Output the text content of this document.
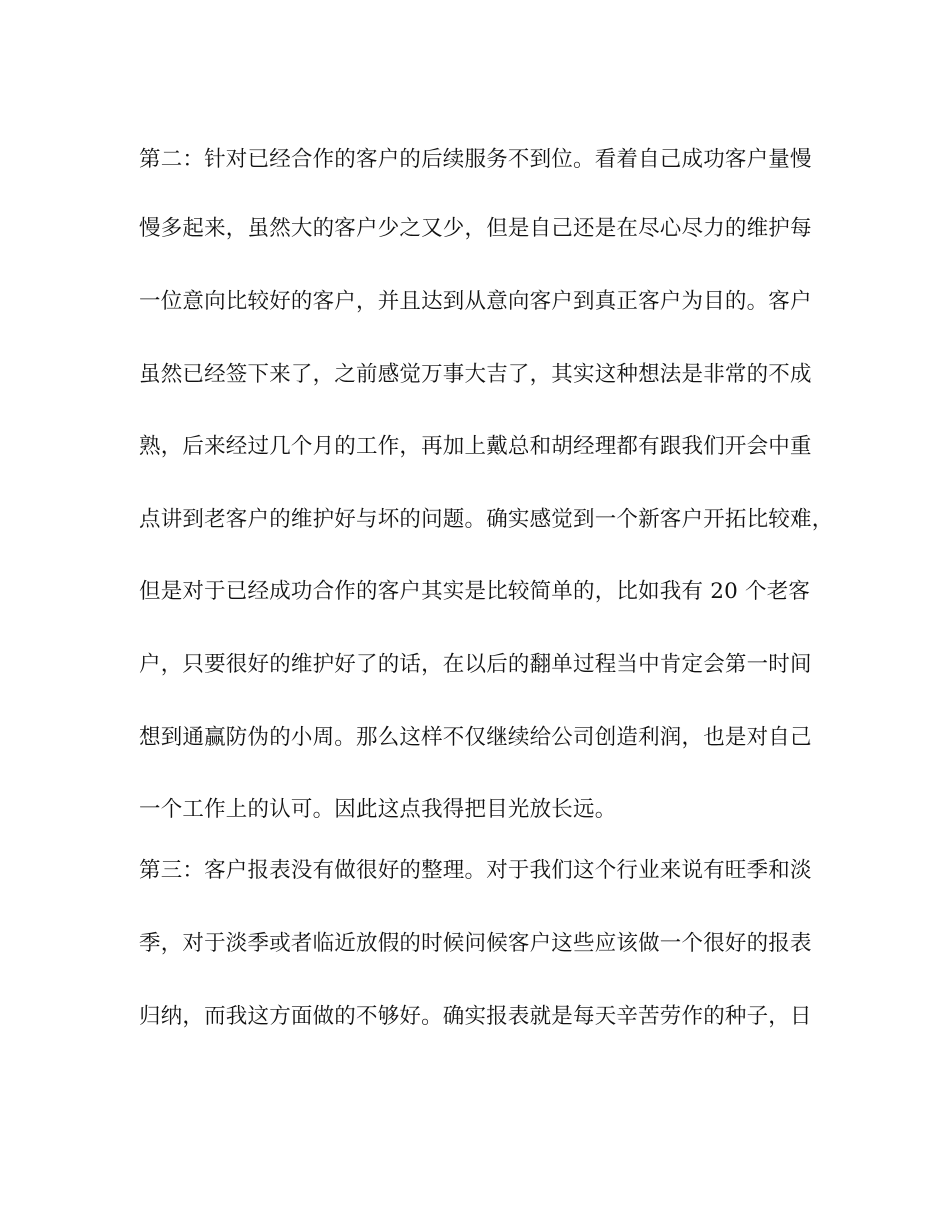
第二：针对已经合作的客户的后续服务不到位。看着自己成功客户量慢
慢多起来，虽然大的客户少之又少，但是自己还是在尽心尽力的维护每
一位意向比较好的客户，并且达到从意向客户到真正客户为目的。客户
虽然已经签下来了，之前感觉万事大吉了，其实这种想法是非常的不成
熟，后来经过几个月的工作，再加上戴总和胡经理都有跟我们开会中重
点讲到老客户的维护好与坏的问题。确实感觉到一个新客户开拓比较难，
但是对于已经成功合作的客户其实是比较简单的，比如我有 20 个老客
户，只要很好的维护好了的话，在以后的翻单过程当中肯定会第一时间
想到通赢防伪的小周。那么这样不仅继续给公司创造利润，也是对自己
一个工作上的认可。因此这点我得把目光放长远。
第三：客户报表没有做很好的整理。对于我们这个行业来说有旺季和淡
季，对于淡季或者临近放假的时候问候客户这些应该做一个很好的报表
归纳，而我这方面做的不够好。确实报表就是每天辛苦劳作的种子，日
